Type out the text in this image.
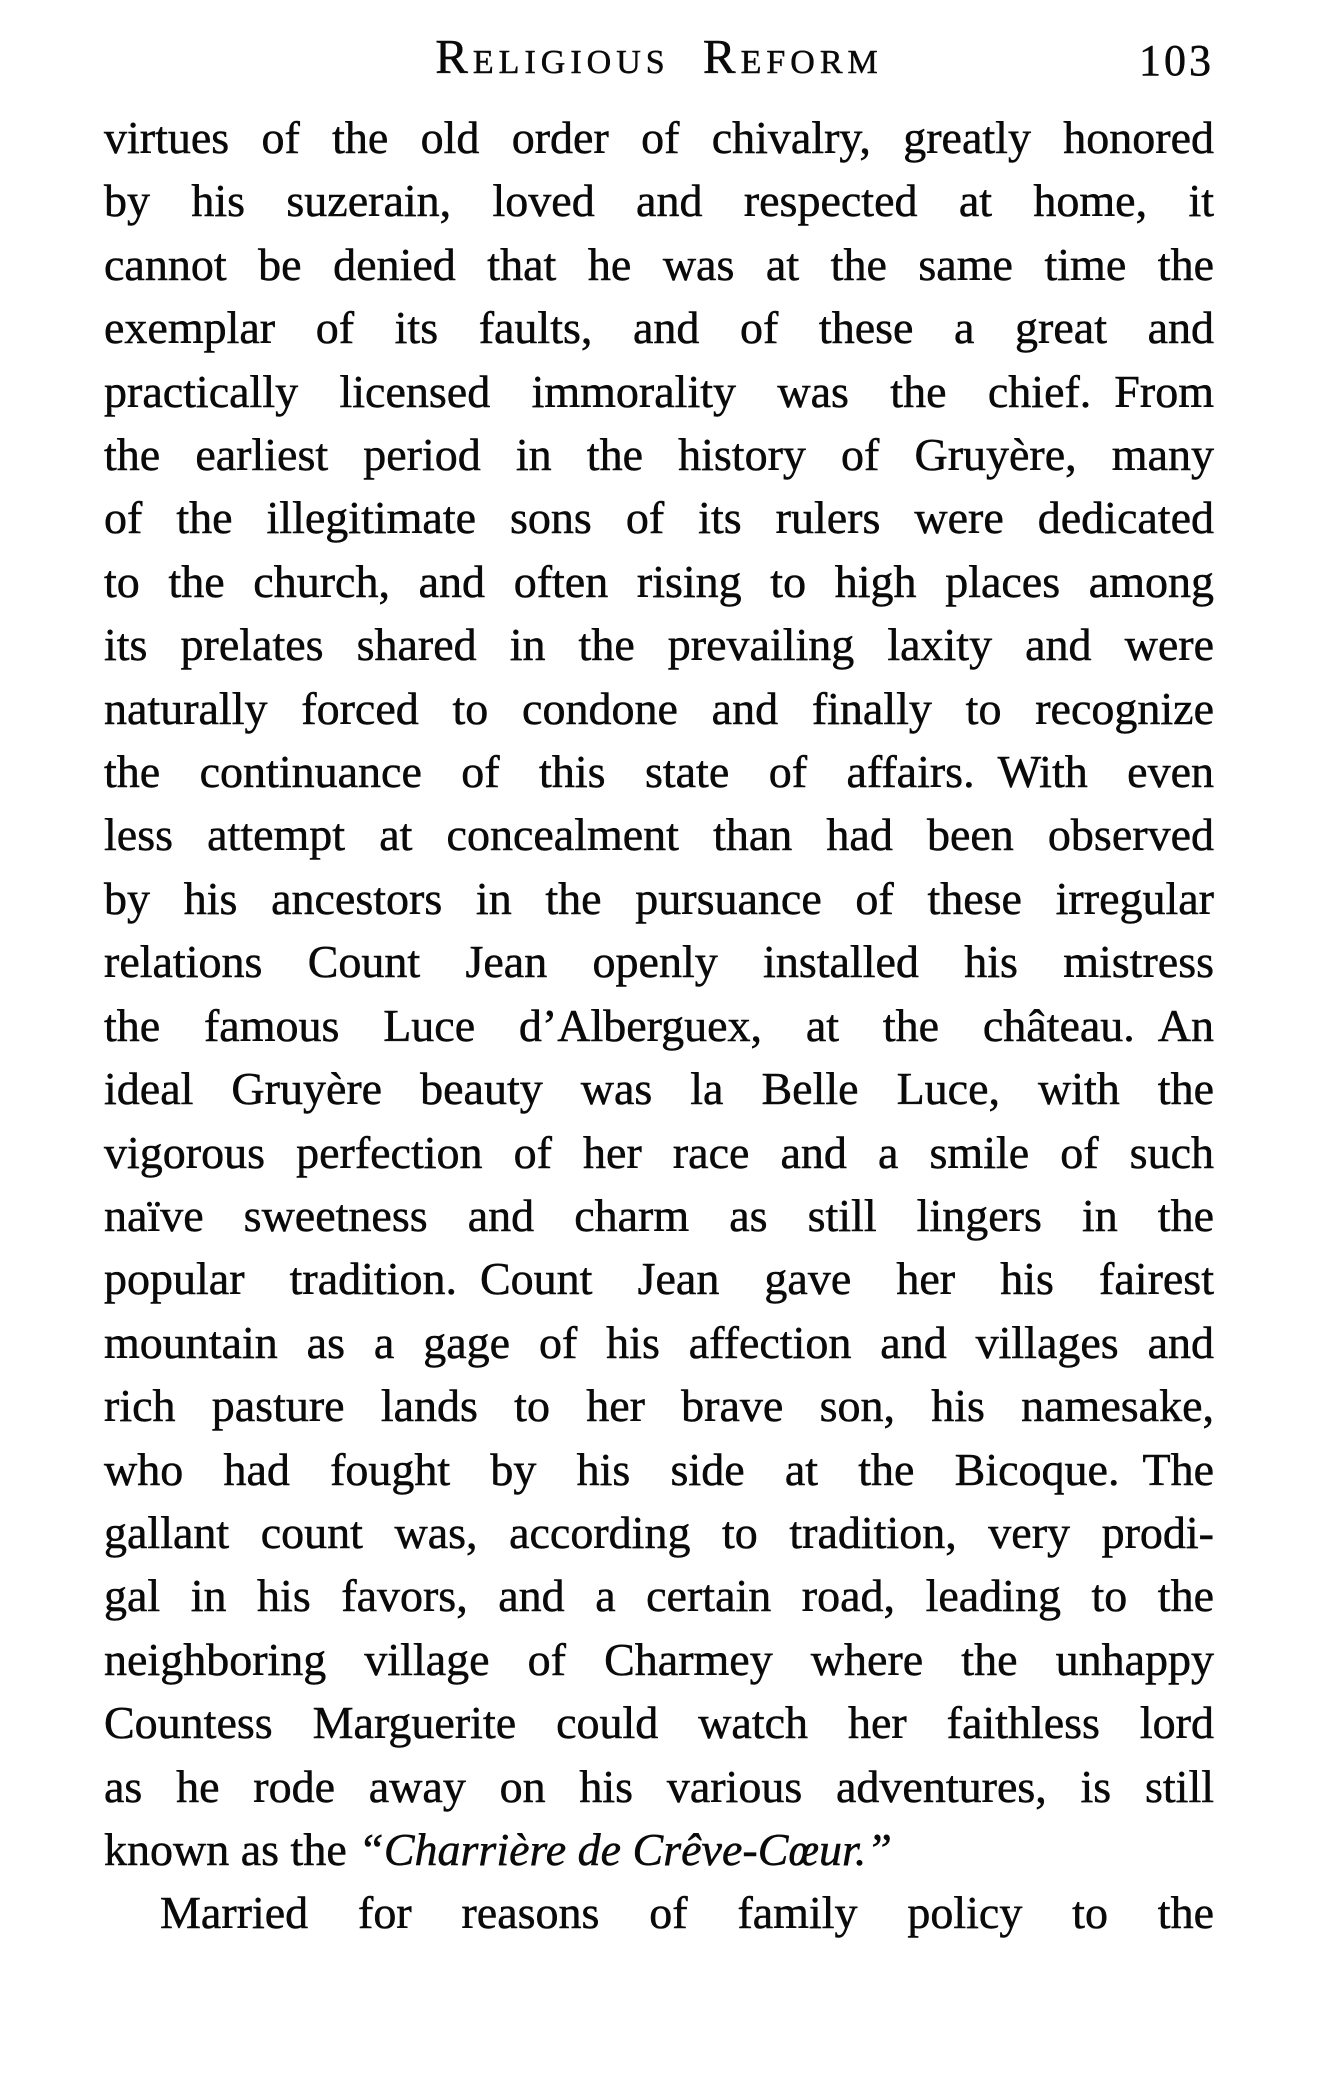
Religious Reform	103
virtues of the old order of chivalry, greatly honored
by his suzerain, loved and respected at home, it
cannot be denied that he was at the same time the
exemplar of its faults, and of these a great and
practically licensed immorality was the chief. From
the earliest period in the history of Gruyère, many
of the illegitimate sons of its rulers were dedicated
to the church, and often rising to high places among
its prelates shared in the prevailing laxity and were
naturally forced to condone and finally to recognize
the continuance of this state of affairs. With even
less attempt at concealment than had been observed
by his ancestors in the pursuance of these irregular
relations Count Jean openly installed his mistress
the famous Luce d’Alberguex, at the château. An
ideal Gruyère beauty was la Belle Luce, with the
vigorous perfection of her race and a smile of such
naïve sweetness and charm as still lingers in the
popular tradition. Count Jean gave her his fairest
mountain as a gage of his affection and villages and
rich pasture lands to her brave son, his namesake,
who had fought by his side at the Bicoque. The
gallant count was, according to tradition, very prodi-
gal in his favors, and a certain road, leading to the
neighboring village of Charmey where the unhappy
Countess Marguerite could watch her faithless lord
as he rode away on his various adventures, is still
known as the “Charrière de Crêve-Cœur.”
Married for reasons of family policy to the
